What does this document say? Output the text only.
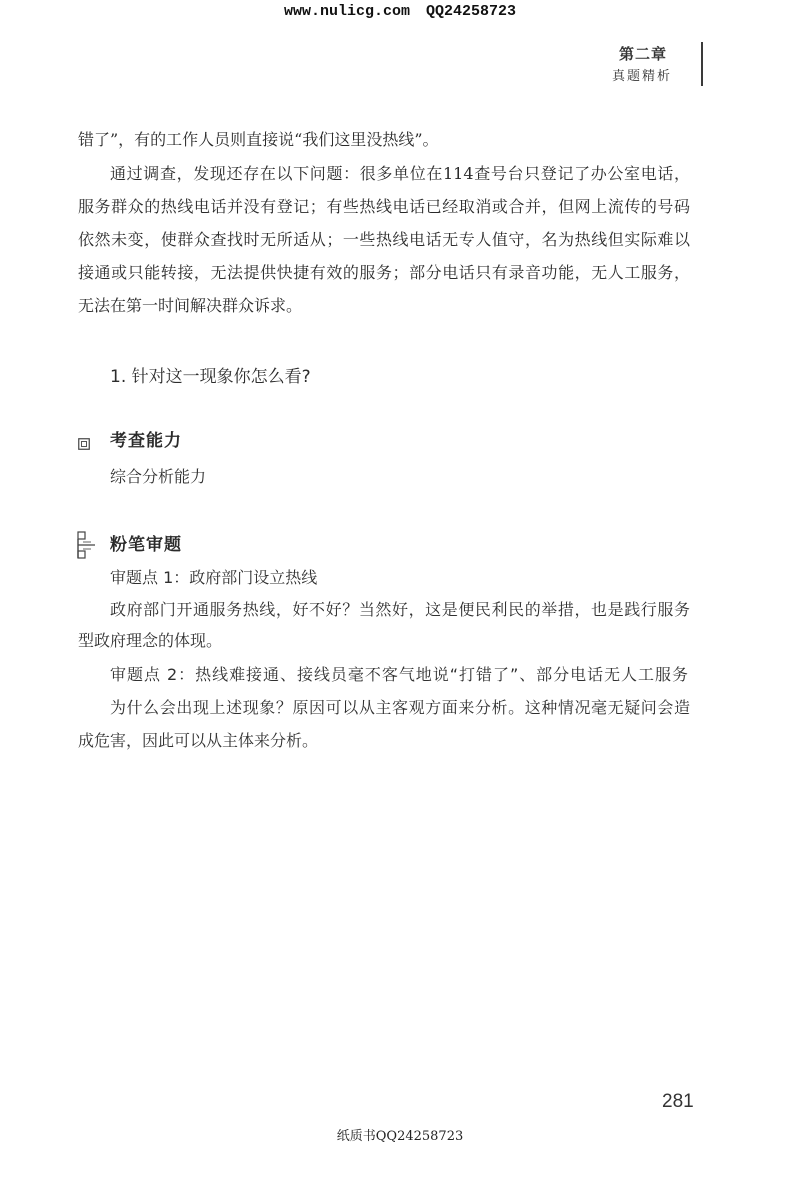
www.nulicg.com QQ24258723
第二章
真题精析
错了”，有的工作人员则直接说“我们这里没热线”。
通过调查，发现还存在以下问题：很多单位在114查号台只登记了办公室电话，
服务群众的热线电话并没有登记；有些热线电话已经取消或合并，但网上流传的号码
依然未变，使群众查找时无所适从；一些热线电话无专人值守，名为热线但实际难以
接通或只能转接，无法提供快捷有效的服务；部分电话只有录音功能，无人工服务，
无法在第一时间解决群众诉求。
1. 针对这一现象你怎么看?
考查能力
综合分析能力
粉笔审题
审题点 1：政府部门设立热线
政府部门开通服务热线，好不好？当然好，这是便民利民的举措，也是践行服务
型政府理念的体现。
审题点 2：热线难接通、接线员毫不客气地说“打错了”、部分电话无人工服务
为什么会出现上述现象？原因可以从主客观方面来分析。这种情况毫无疑问会造
成危害，因此可以从主体来分析。
281
纸质书QQ24258723
